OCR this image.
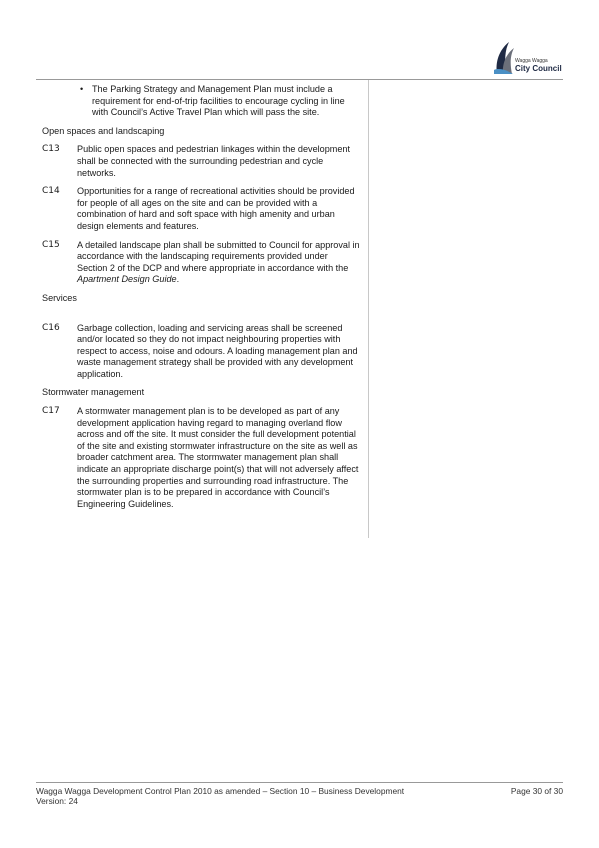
Wagga Wagga
City Council
• The Parking Strategy and Management Plan must include a requirement for end-of-trip facilities to encourage cycling in line with Council’s Active Travel Plan which will pass the site.
Open spaces and landscaping
C13 Public open spaces and pedestrian linkages within the development shall be connected with the surrounding pedestrian and cycle networks.
C14 Opportunities for a range of recreational activities should be provided for people of all ages on the site and can be provided with a combination of hard and soft space with high amenity and urban design elements and features.
C15 A detailed landscape plan shall be submitted to Council for approval in accordance with the landscaping requirements provided under Section 2 of the DCP and where appropriate in accordance with the Apartment Design Guide.
Services
C16 Garbage collection, loading and servicing areas shall be screened and/or located so they do not impact neighbouring properties with respect to access, noise and odours. A loading management plan and waste management strategy shall be provided with any development application.
Stormwater management
C17 A stormwater management plan is to be developed as part of any development application having regard to managing overland flow across and off the site. It must consider the full development potential of the site and existing stormwater infrastructure on the site as well as broader catchment area. The stormwater management plan shall indicate an appropriate discharge point(s) that will not adversely affect the surrounding properties and surrounding road infrastructure. The stormwater plan is to be prepared in accordance with Council’s Engineering Guidelines.
Wagga Wagga Development Control Plan 2010 as amended – Section 10 – Business Development
Version: 24
Page 30 of 30
